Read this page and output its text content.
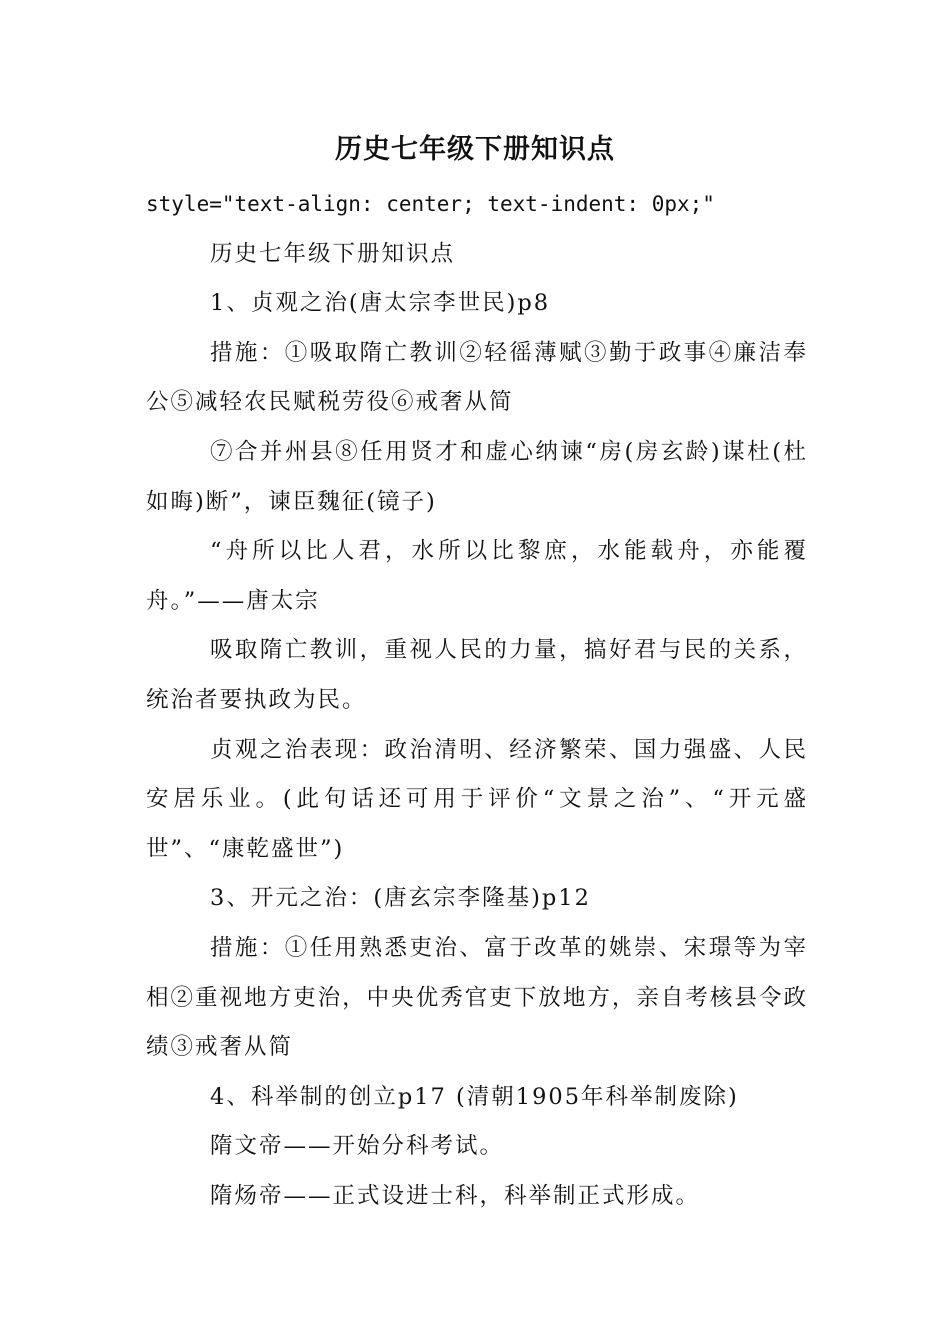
历史七年级下册知识点

style="text-align: center; text-indent: 0px;"

历史七年级下册知识点

1、贞观之治(唐太宗李世民)p8

措施：①吸取隋亡教训②轻徭薄赋③勤于政事④廉洁奉公⑤减轻农民赋税劳役⑥戒奢从简

⑦合并州县⑧任用贤才和虚心纳谏“房(房玄龄)谋杜(杜如晦)断”，谏臣魏征(镜子)

“舟所以比人君，水所以比黎庶，水能载舟，亦能覆舟。”——唐太宗

吸取隋亡教训，重视人民的力量，搞好君与民的关系，统治者要执政为民。

贞观之治表现：政治清明、经济繁荣、国力强盛、人民安居乐业。(此句话还可用于评价“文景之治”、“开元盛世”、“康乾盛世”)

3、开元之治：(唐玄宗李隆基)p12

措施：①任用熟悉吏治、富于改革的姚崇、宋璟等为宰相②重视地方吏治，中央优秀官吏下放地方，亲自考核县令政绩③戒奢从简

4、科举制的创立p17 (清朝1905年科举制废除)

隋文帝——开始分科考试。

隋炀帝——正式设进士科，科举制正式形成。
